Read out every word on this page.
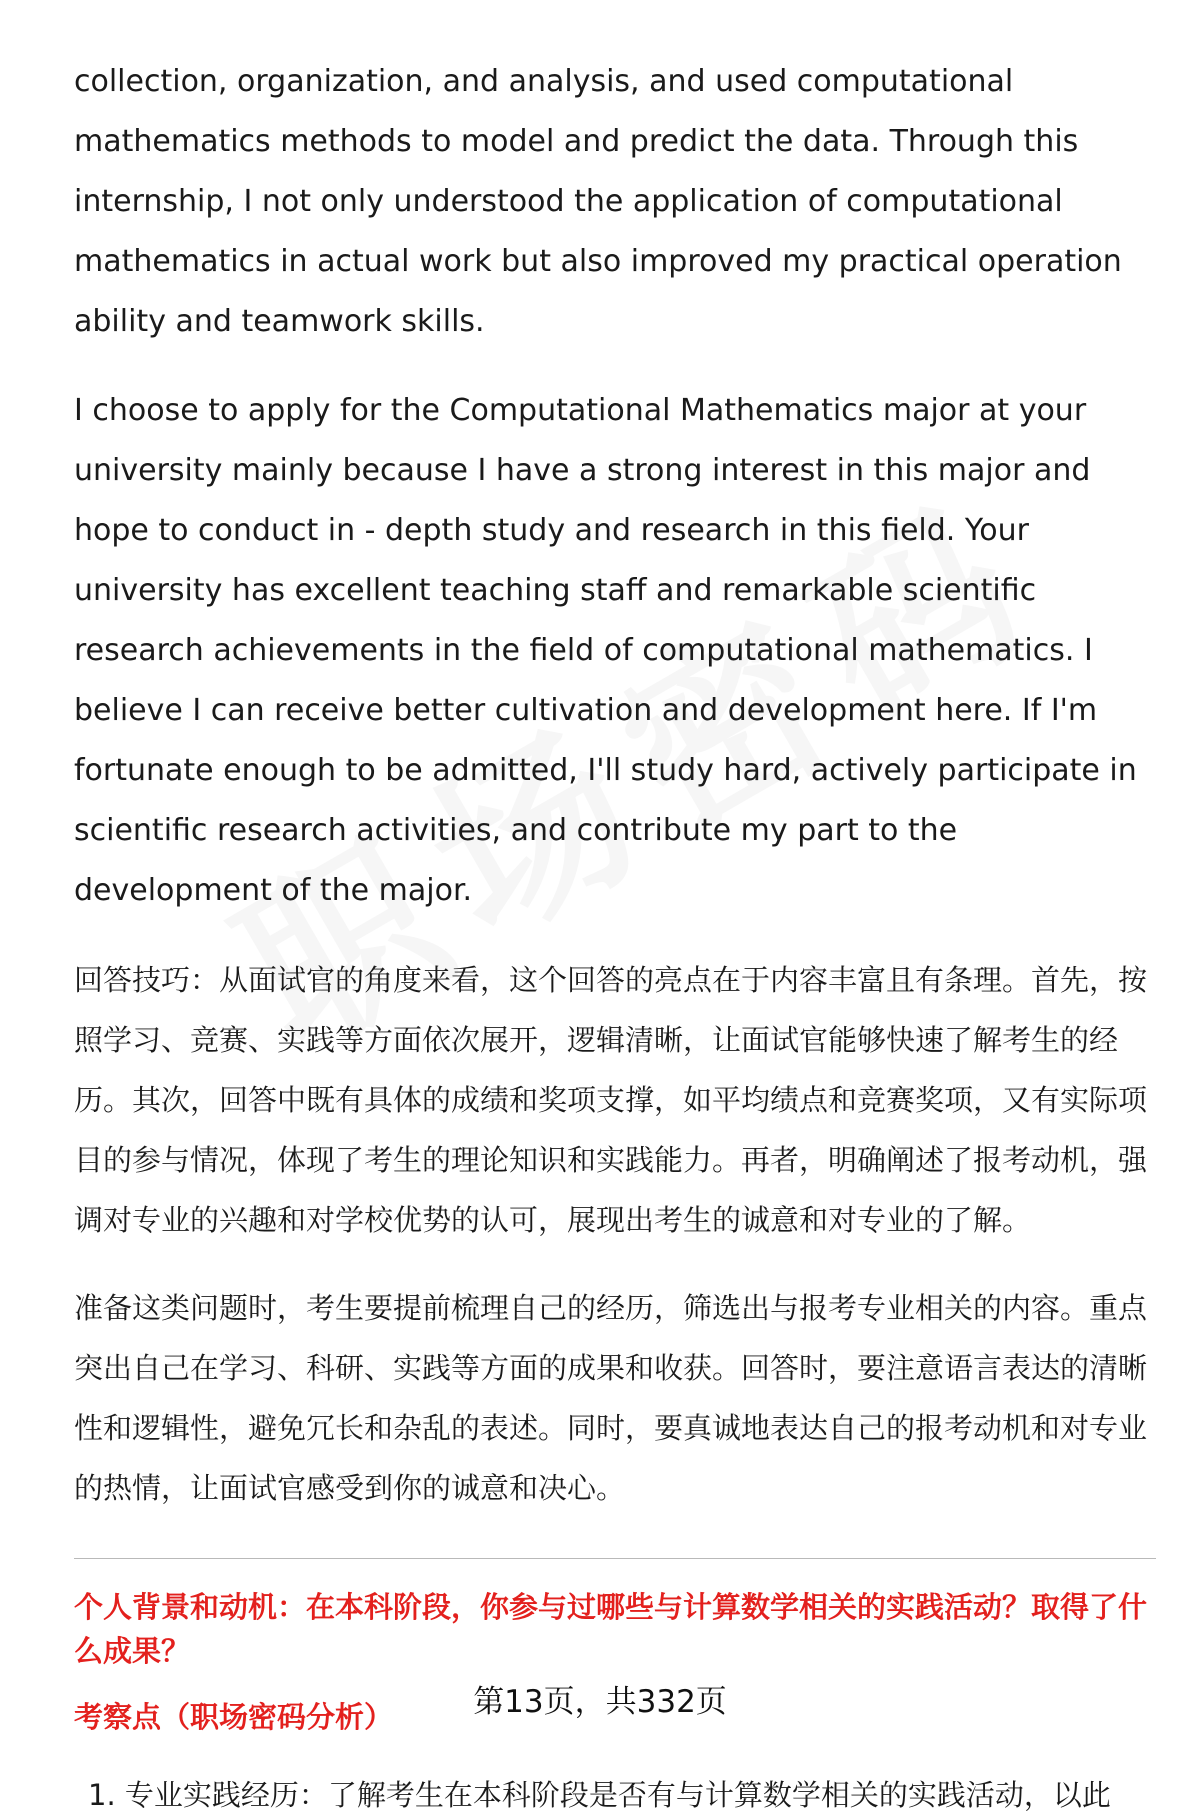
collection, organization, and analysis, and used computational mathematics methods to model and predict the data. Through this internship, I not only understood the application of computational mathematics in actual work but also improved my practical operation ability and teamwork skills.

I choose to apply for the Computational Mathematics major at your university mainly because I have a strong interest in this major and hope to conduct in - depth study and research in this field. Your university has excellent teaching staff and remarkable scientific research achievements in the field of computational mathematics. I believe I can receive better cultivation and development here. If I'm fortunate enough to be admitted, I'll study hard, actively participate in scientific research activities, and contribute my part to the development of the major.

回答技巧：从面试官的角度来看，这个回答的亮点在于内容丰富且有条理。首先，按照学习、竞赛、实践等方面依次展开，逻辑清晰，让面试官能够快速了解考生的经历。其次，回答中既有具体的成绩和奖项支撑，如平均绩点和竞赛奖项，又有实际项目的参与情况，体现了考生的理论知识和实践能力。再者，明确阐述了报考动机，强调对专业的兴趣和对学校优势的认可，展现出考生的诚意和对专业的了解。

准备这类问题时，考生要提前梳理自己的经历，筛选出与报考专业相关的内容。重点突出自己在学习、科研、实践等方面的成果和收获。回答时，要注意语言表达的清晰性和逻辑性，避免冗长和杂乱的表述。同时，要真诚地表达自己的报考动机和对专业的热情，让面试官感受到你的诚意和决心。

个人背景和动机：在本科阶段，你参与过哪些与计算数学相关的实践活动？取得了什么成果？
考察点（职场密码分析）
1. 专业实践经历：了解考生在本科阶段是否有与计算数学相关的实践活动，以此
第13页，共332页
